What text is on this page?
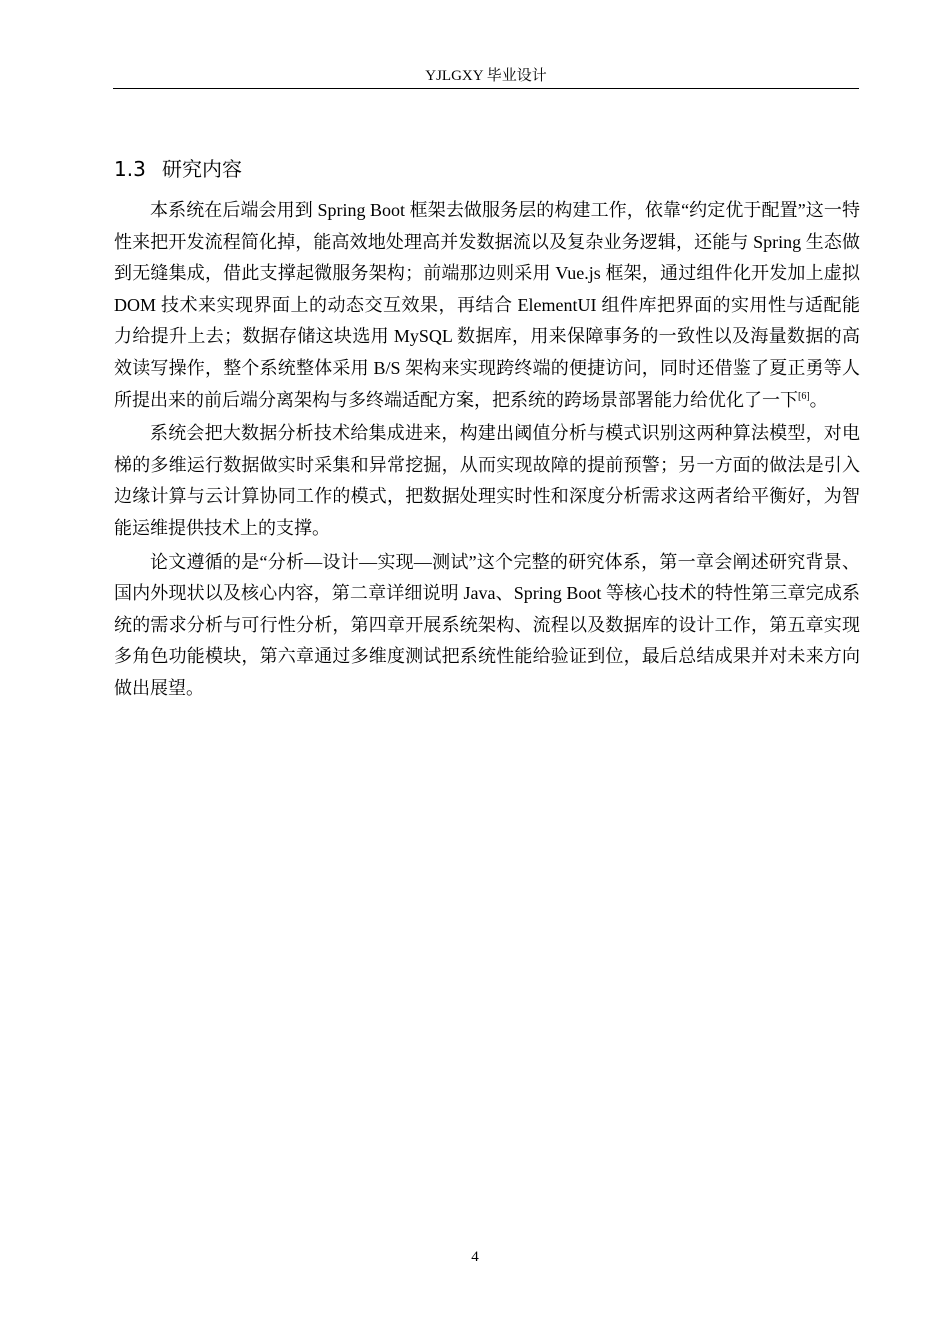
YJLGXY 毕业设计
1.3 研究内容

本系统在后端会用到 Spring Boot 框架去做服务层的构建工作，依靠“约定优于配置”这一特性来把开发流程简化掉，能高效地处理高并发数据流以及复杂业务逻辑，还能与 Spring 生态做到无缝集成，借此支撑起微服务架构；前端那边则采用 Vue.js 框架，通过组件化开发加上虚拟 DOM 技术来实现界面上的动态交互效果，再结合 ElementUI 组件库把界面的实用性与适配能力给提升上去；数据存储这块选用 MySQL 数据库，用来保障事务的一致性以及海量数据的高效读写操作，整个系统整体采用 B/S 架构来实现跨终端的便捷访问，同时还借鉴了夏正勇等人所提出来的前后端分离架构与多终端适配方案，把系统的跨场景部署能力给优化了一下[6]。

系统会把大数据分析技术给集成进来，构建出阈值分析与模式识别这两种算法模型，对电梯的多维运行数据做实时采集和异常挖掘，从而实现故障的提前预警；另一方面的做法是引入边缘计算与云计算协同工作的模式，把数据处理实时性和深度分析需求这两者给平衡好，为智能运维提供技术上的支撑。

论文遵循的是“分析—设计—实现—测试”这个完整的研究体系，第一章会阐述研究背景、国内外现状以及核心内容，第二章详细说明 Java、Spring Boot 等核心技术的特性第三章完成系统的需求分析与可行性分析，第四章开展系统架构、流程以及数据库的设计工作，第五章实现多角色功能模块，第六章通过多维度测试把系统性能给验证到位，最后总结成果并对未来方向做出展望。

4
